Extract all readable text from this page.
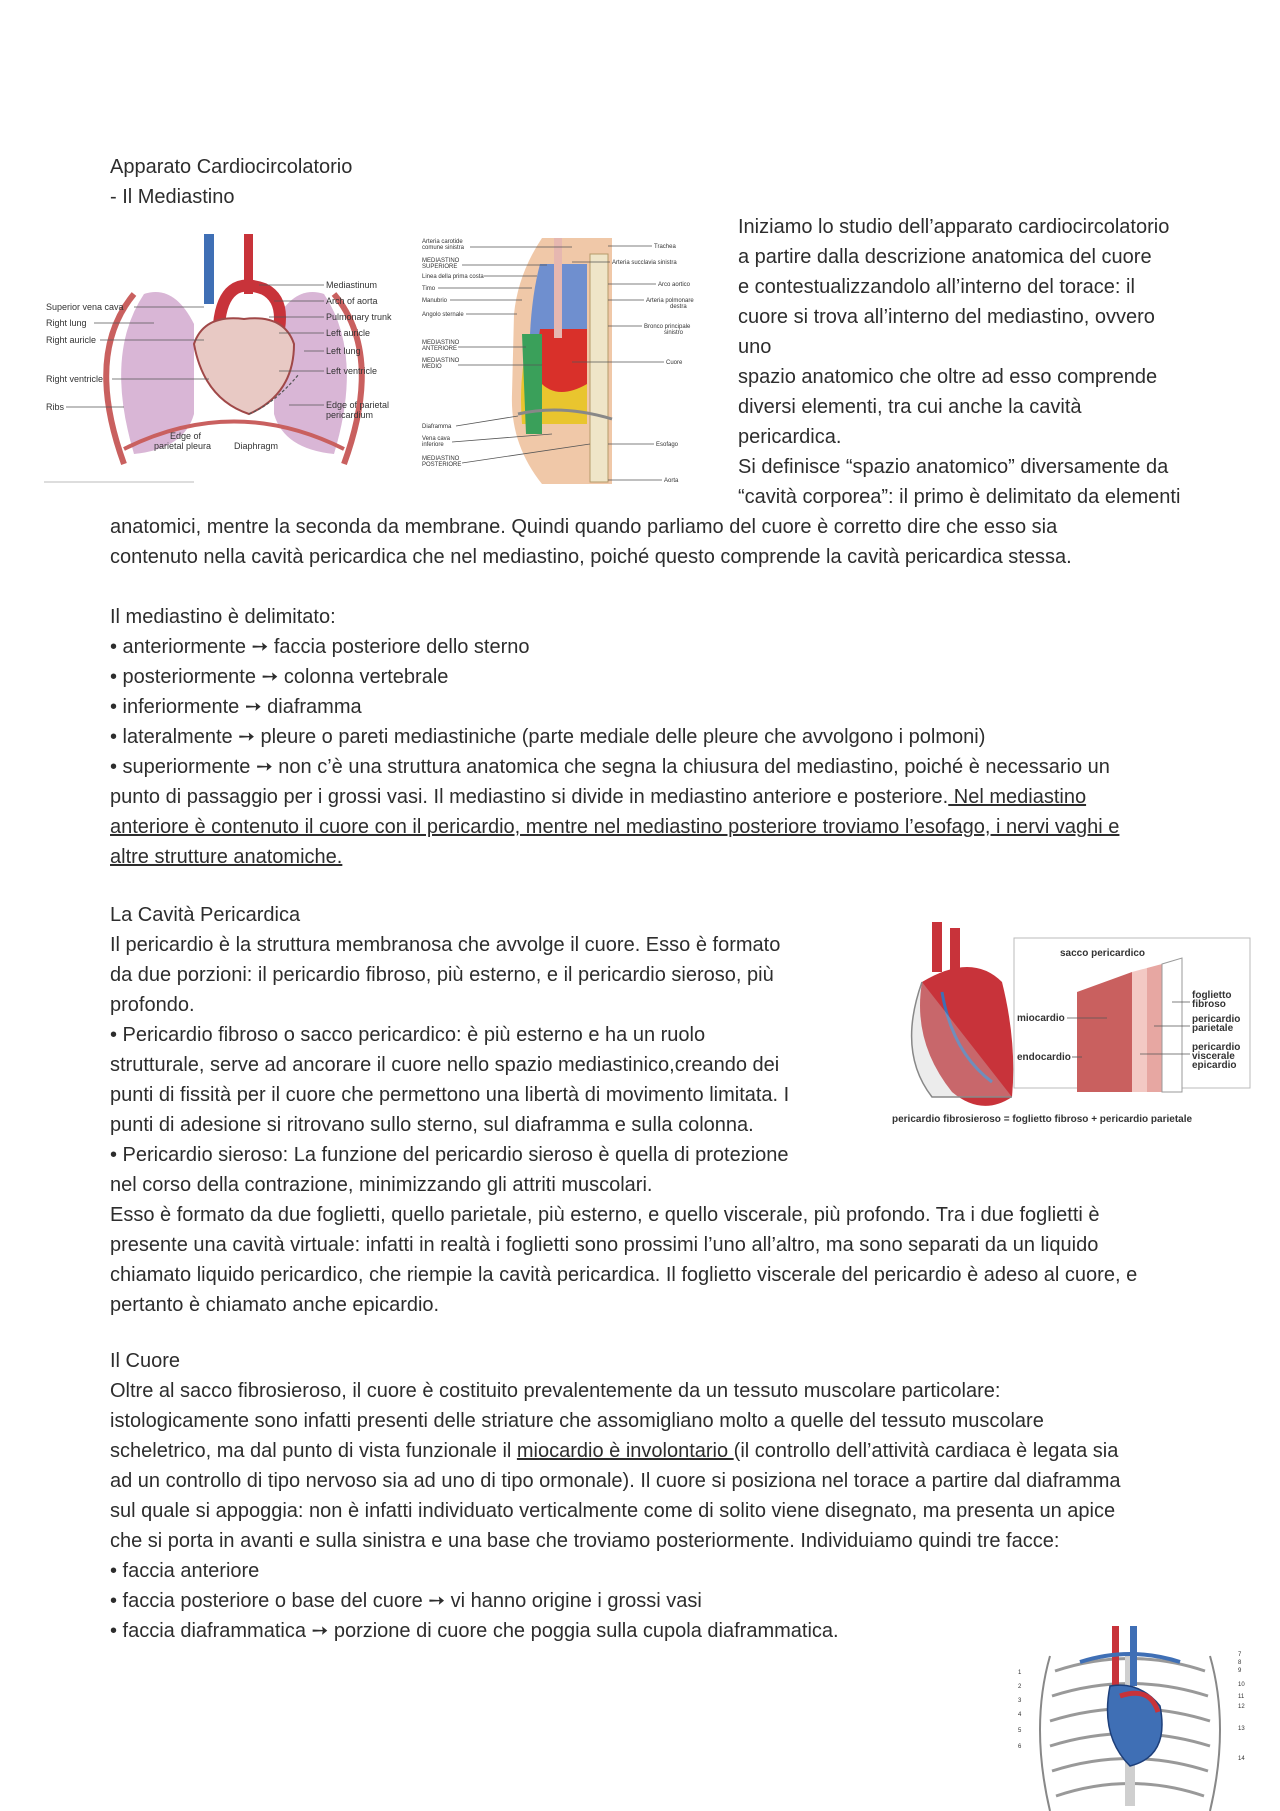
Apparato Cardiocircolatorio
- Il Mediastino
Superior vena cava
Right lung
Right auricle
Right ventricle
Ribs
Mediastinum
Arch of aorta
Pulmonary trunk
Left auricle
Left lung
Left ventricle
Edge of parietal
pericardium
Edge of
parietal pleura	Diaphragm
Arteria carotide
comune sinistra
MEDIASTINO
SUPERIORE
Linea della prima costa
Timo
Manubrio
Angolo sternale
MEDIASTINO
ANTERIORE
MEDIASTINO
MEDIO
Diaframma
Vena cava
inferiore
MEDIASTINO
POSTERIORE
Trachea
Arteria succlavia sinistra
Arco aortico
Arteria polmonare
destra
Bronco principale
sinistro
Cuore
Esofago
Aorta
Iniziamo lo studio dell’apparato cardiocircolatorio
a partire dalla descrizione anatomica del cuore
e contestualizzandolo all’interno del torace: il
cuore si trova all’interno del mediastino, ovvero
uno
spazio anatomico che oltre ad esso comprende
diversi elementi, tra cui anche la cavità
pericardica.
Si definisce “spazio anatomico” diversamente da
“cavità corporea”: il primo è delimitato da elementi
anatomici, mentre la seconda da membrane. Quindi quando parliamo del cuore è corretto dire che esso sia
contenuto nella cavità pericardica che nel mediastino, poiché questo comprende la cavità pericardica stessa.
Il mediastino è delimitato:
• anteriormente ➙ faccia posteriore dello sterno
• posteriormente ➙ colonna vertebrale
• inferiormente ➙ diaframma
• lateralmente ➙ pleure o pareti mediastiniche (parte mediale delle pleure che avvolgono i polmoni)
• superiormente ➙ non c’è una struttura anatomica che segna la chiusura del mediastino, poiché è necessario un
punto di passaggio per i grossi vasi. Il mediastino si divide in mediastino anteriore e posteriore. Nel mediastino
anteriore è contenuto il cuore con il pericardio, mentre nel mediastino posteriore troviamo l’esofago, i nervi vaghi e
altre strutture anatomiche.
La Cavità Pericardica
Il pericardio è la struttura membranosa che avvolge il cuore. Esso è formato
da due porzioni: il pericardio fibroso, più esterno, e il pericardio sieroso, più
profondo.
• Pericardio fibroso o sacco pericardico: è più esterno e ha un ruolo
strutturale, serve ad ancorare il cuore nello spazio mediastinico,creando dei
punti di fissità per il cuore che permettono una libertà di movimento limitata. I
punti di adesione si ritrovano sullo sterno, sul diaframma e sulla colonna.
• Pericardio sieroso: La funzione del pericardio sieroso è quella di protezione
nel corso della contrazione, minimizzando gli attriti muscolari.
Esso è formato da due foglietti, quello parietale, più esterno, e quello viscerale, più profondo. Tra i due foglietti è
presente una cavità virtuale: infatti in realtà i foglietti sono prossimi l’uno all’altro, ma sono separati da un liquido
chiamato liquido pericardico, che riempie la cavità pericardica. Il foglietto viscerale del pericardio è adeso al cuore, e
pertanto è chiamato anche epicardio.
sacco pericardico
miocardio
endocardio
foglietto
fibroso
pericardio
parietale
pericardio
viscerale
epicardio
pericardio fibrosieroso = foglietto fibroso + pericardio parietale
Il Cuore
Oltre al sacco fibrosieroso, il cuore è costituito prevalentemente da un tessuto muscolare particolare:
istologicamente sono infatti presenti delle striature che assomigliano molto a quelle del tessuto muscolare
scheletrico, ma dal punto di vista funzionale il miocardio è involontario (il controllo dell’attività cardiaca è legata sia
ad un controllo di tipo nervoso sia ad uno di tipo ormonale). Il cuore si posiziona nel torace a partire dal diaframma
sul quale si appoggia: non è infatti individuato verticalmente come di solito viene disegnato, ma presenta un apice
che si porta in avanti e sulla sinistra e una base che troviamo posteriormente. Individuiamo quindi tre facce:
• faccia anteriore
• faccia posteriore o base del cuore ➙ vi hanno origine i grossi vasi
• faccia diaframmatica ➙ porzione di cuore che poggia sulla cupola diaframmatica.
1
2
3
4
5
6
7
8
9
10
11
12
13
14
